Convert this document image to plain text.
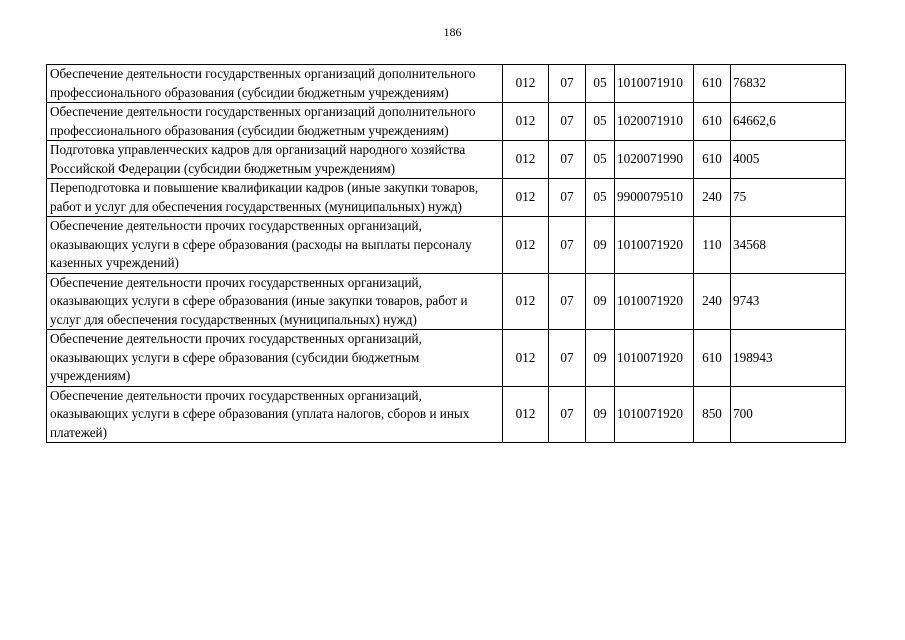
186
Обеспечение деятельности государственных организаций дополнительного профессионального образования (субсидии бюджетным учреждениям)	012	07	05	1010071910	610	76832
Обеспечение деятельности государственных организаций дополнительного профессионального образования (субсидии бюджетным учреждениям)	012	07	05	1020071910	610	64662,6
Подготовка управленческих кадров для организаций народного хозяйства Российской Федерации (субсидии бюджетным учреждениям)	012	07	05	1020071990	610	4005
Переподготовка и повышение квалификации кадров (иные закупки товаров, работ и услуг для обеспечения государственных (муниципальных) нужд)	012	07	05	9900079510	240	75
Обеспечение деятельности прочих государственных организаций, оказывающих услуги в сфере образования (расходы на выплаты персоналу казенных учреждений)	012	07	09	1010071920	110	34568
Обеспечение деятельности прочих государственных организаций, оказывающих услуги в сфере образования (иные закупки товаров, работ и услуг для обеспечения государственных (муниципальных) нужд)	012	07	09	1010071920	240	9743
Обеспечение деятельности прочих государственных организаций, оказывающих услуги в сфере образования (субсидии бюджетным учреждениям)	012	07	09	1010071920	610	198943
Обеспечение деятельности прочих государственных организаций, оказывающих услуги в сфере образования (уплата налогов, сборов и иных платежей)	012	07	09	1010071920	850	700
